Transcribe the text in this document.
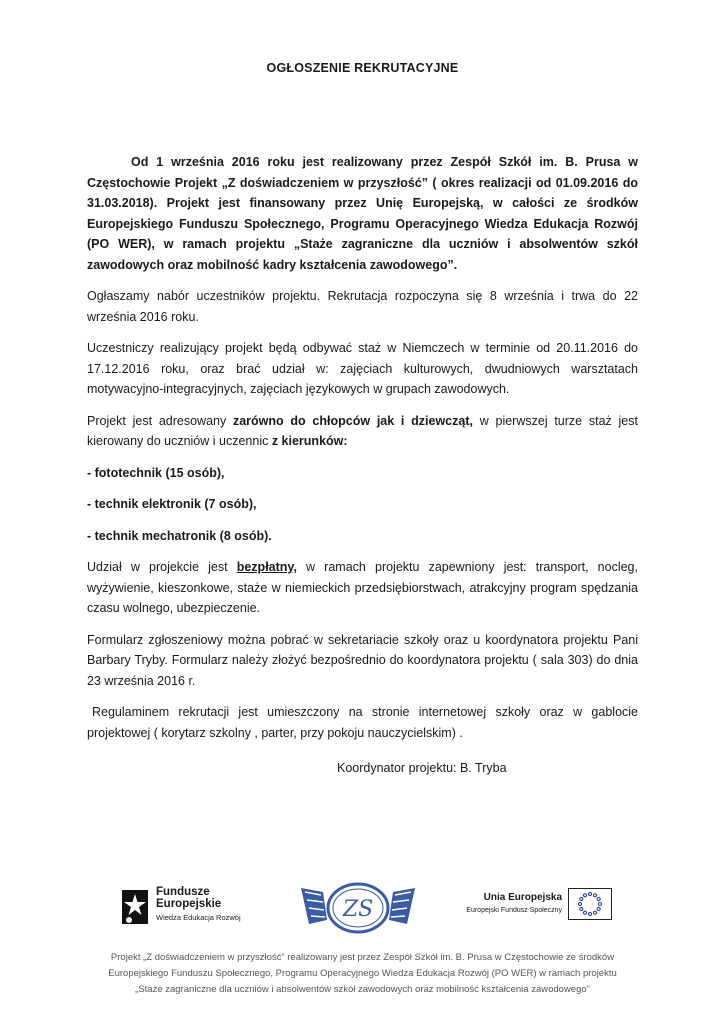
OGŁOSZENIE REKRUTACYJNE

Od 1 września 2016 roku jest realizowany przez Zespół Szkół im. B. Prusa w Częstochowie Projekt „Z doświadczeniem w przyszłość” ( okres realizacji od 01.09.2016 do 31.03.2018). Projekt jest finansowany przez Unię Europejską, w całości ze środków Europejskiego Funduszu Społecznego, Programu Operacyjnego Wiedza Edukacja Rozwój (PO WER), w ramach projektu „Staże zagraniczne dla uczniów i absolwentów szkół zawodowych oraz mobilność kadry kształcenia zawodowego”.

Ogłaszamy nabór uczestników projektu. Rekrutacja rozpoczyna się 8 września i trwa do 22 września 2016 roku.

Uczestniczy realizujący projekt będą odbywać staż w Niemczech w terminie od 20.11.2016 do 17.12.2016 roku, oraz brać udział w: zajęciach kulturowych, dwudniowych warsztatach motywacyjno-integracyjnych, zajęciach językowych w grupach zawodowych.

Projekt jest adresowany zarówno do chłopców jak i dziewcząt, w pierwszej turze staż jest kierowany do uczniów i uczennic z kierunków:

- fototechnik (15 osób),
- technik elektronik (7 osób),
- technik mechatronik (8 osób).

Udział w projekcie jest bezpłatny, w ramach projektu zapewniony jest: transport, nocleg, wyżywienie, kieszonkowe, staże w niemieckich przedsiębiorstwach, atrakcyjny program spędzania czasu wolnego, ubezpieczenie.

Formularz zgłoszeniowy można pobrać w sekretariacie szkoły oraz u koordynatora projektu Pani Barbary Tryby. Formularz należy złożyć bezpośrednio do koordynatora projektu ( sala 303) do dnia 23 września 2016 r.

Regulaminem rekrutacji jest umieszczony na stronie internetowej szkoły oraz w gablocie projektowej ( korytarz szkolny , parter, przy pokoju nauczycielskim) .

Koordynator projektu: B. Tryba
Fundusze
Europejskie
Wiedza Edukacja Rozwój	ZS	Unia Europejska
Europejski Fundusz Społeczny
Projekt „Z doświadczeniem w przyszłość” realizowany jest przez Zespół Szkół im. B. Prusa w Częstochowie ze środków
Europejskiego Funduszu Społecznego, Programu Operacyjnego Wiedza Edukacja Rozwój (PO WER) w ramach projektu
„Staże zagraniczne dla uczniów i absolwentów szkół zawodowych oraz mobilność kształcenia zawodowego”
